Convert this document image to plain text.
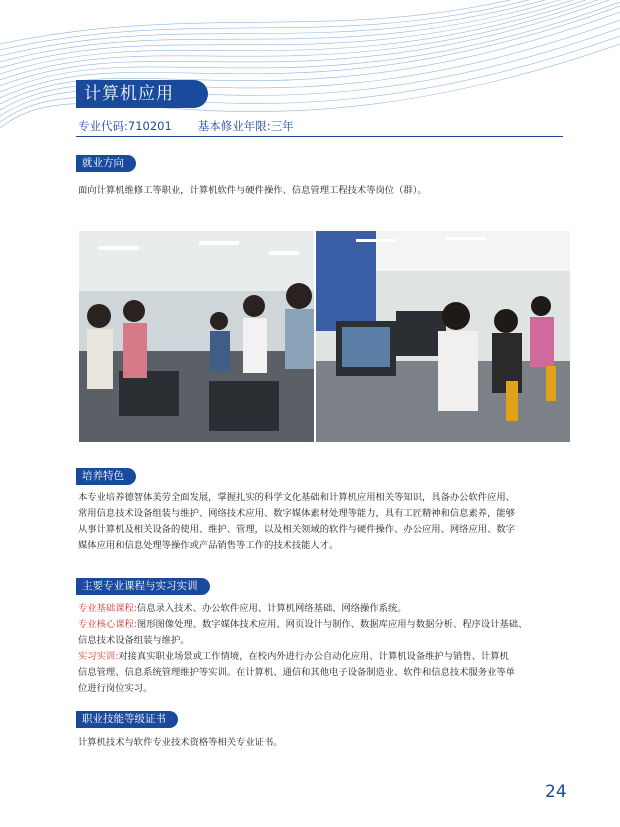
计算机应用
专业代码:710201 基本修业年限:三年
就业方向

面向计算机维修工等职业，计算机软件与硬件操作、信息管理工程技术等岗位（群）。

培养特色
本专业培养德智体美劳全面发展，掌握扎实的科学文化基础和计算机应用相关等知识，具备办公软件应用、
常用信息技术设备组装与维护、网络技术应用、数字媒体素材处理等能力，具有工匠精神和信息素养，能够
从事计算机及相关设备的使用、维护、管理，以及相关领域的软件与硬件操作、办公应用、网络应用、数字
媒体应用和信息处理等操作或产品销售等工作的技术技能人才。
主要专业课程与实习实训
专业基础课程:信息录入技术、办公软件应用、计算机网络基础、网络操作系统。
专业核心课程:图形图像处理、数字媒体技术应用、网页设计与制作、数据库应用与数据分析、程序设计基础、
信息技术设备组装与维护。
实习实训:对接真实职业场景或工作情境，在校内外进行办公自动化应用、计算机设备维护与销售、计算机
信息管理、信息系统管理维护等实训。在计算机、通信和其他电子设备制造业、软件和信息技术服务业等单
位进行岗位实习。
职业技能等级证书

计算机技术与软件专业技术资格等相关专业证书。

24
